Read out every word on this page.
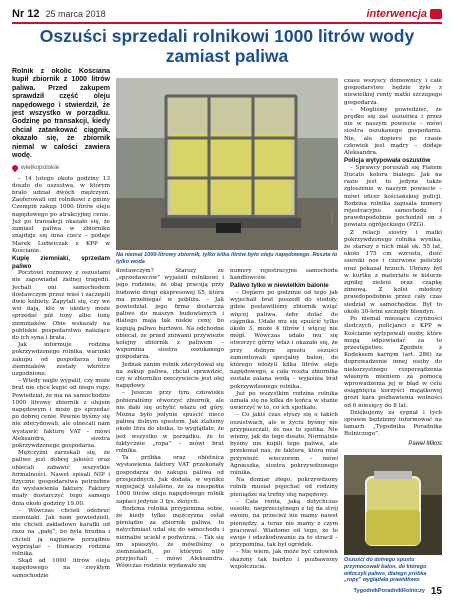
Nr 12 25 marca 2018	interwencja
Oszuści sprzedali rolnikowi 1000 litrów wody zamiast paliwa
Rolnik z okolic Kościana kupił zbiornik z 1000 litrów paliwa. Przed zakupem sprawdził część oleju napędowego i stwierdził, że jest wszystko w porządku. Godzinę po transakcji, kiedy chciał zatankować ciągnik, okazało się, że zbiornik niemal w całości zawiera wodę.
wielkopolskie

– 14 lutego około godziny 13 doszło do oszustwa, w którym brało udział dwóch mężczyzn. Zaoferowali oni rolnikowi z gminy Czempiń zakup 1000 litrów oleju napędowego po atrakcyjnej cenie. Już po transakcji okazało się, że zamiast paliwa w zbiorniku znajduje się inna ciecz – podaje Marek Ludwiczak z KPP w Kościanie.

Kupię ziemniaki, sprzedam paliwo

Pocztowi rozmowy z oszustami nie zapowiadał żadnej tragedii. Jechali oni samochodem dostawczym przez wieś i zaczepili dwie kobiety. Zapytali się, czy we wsi dają, kto w okolicy może sprzedać pół tony albo tonę ziemniaków. Obie wskazały na pobliskie gospodarstwo należące do ich syna i brata.

Jak informuje rodzina pokrzywdzonego rolnika, warunki zakupu od gospodarza tony ziemniaków zostały wkrótce uzgodnione.

– Wtedy nagle wypalił, czy może brat nie chce kupić od niego ropy. Powiedział, że ma na samochodzie 1000 litrowy zbiornik z olejem napędowym i może go sprzedać po dobrej cenie. Pewnie byśmy się nie zdecydowali, ale obiecali nam wystawić fakturę VAT – mówi Aleksandra, siostra pokrzywdzonego gospodarza.

Mężczyźni zarzekali się, że paliwo jest dobrej jakości oraz obiecali zabawić wszystkie formalności. Nawet spisali NIP i fizyczne gospodarstwa potrzebne do wystawienia faktury. Faktury miały dostarczyć tego samego dnia około godziny 19.00.

– Wówczas chcieli odebrać ziemniaki. Jak nam powiedzieli, nie chcieli zakładowo karafki od razu na „pałę”, bo była brudna i chcieli ją najpierw porządnie wyprzątać – tłumaczy rodzina rolnika.

Skąd ad 1000 litrów oleju napędowego na zwykłym samochodzie

Pixabay
Na niemal 1000-litrowy zbiornik, tylko kilka litrów było oleju napędowego. Reszta to tylko woda

dostawczym? Starszy ze „sprzedawców” wyjaśnił rolnikowi i jego rodzinie, że obaj pracują przy budowie drogi ekspresowej S5, która ma przebiegać w pobliżu. – Jak powiedział, jego firma dostarcza paliwo do maszyn budowlanych i dlatego mają tak niskie ceny, bo kupują paliwo hurtowo. Na odchodne obiecał, że przed zniwami przywiezie kolejny zbiornik z paliwem – wspomina siostra oszukanego gospodarza.

Jednak zanim rolnik zdecydował się na zakup paliwa, chciał sprawdzić, czy w zbiorniku rzeczywiście jest olej napędowy.

– Jeszcze przy tym człowieku pobieraliśmy otworzyć zbiornik, ale nie dało się uchylić włazu od góry. Można było jedynie spuścić nieco paliwa dolnym spustem. Jak zlaliśmy około litra do słoika, to wyglądało, że jest wszystko w porządku, że to faktycznie „ropa” – mówi brat rolnika.

Ta próbka oraz obietnica wystawienia faktury VAT przekonały gospodarza do zakupu paliwa od przejezdnych. Jak dodała, w wyniku negocjacji ustalono, że za niespełna 1000 litrów oleju napędowego rolnik zapłaci jedynie 3 tys. złotych.

Rodzina rolnika przypomina sobie, że kiedy tylko mężczyzna ostał pieniądze za zbiornik paliwa, to natychmiast udał się do samochodu i niemalże uciekł z podwórza. – Tak się im spieszyło, że mówiliśmy o ziemniakach, po którymi niby przyjechali – mówi Aleksandra. Wówczas rodzinie wydawało się

numery rejestracyjne samochodu handlowców.

Paliwo tylko w niewielkim balonie

– Dopiero po godzinie od tego jak wyjechali brat poszedł do stodoły, gdzie postawiliśmy zbiornik wziąć więcej paliwa, żeby dolać do ciągnika. Udało mu się spuścić tylko około 3, może 4 litrów i więcej nie mógł. Wówczas udało mu się otworzyć górny właz i okazało się, że przy dolnym spustu oszuści zamontowali specjalny balon, do którego włożyli kilka litrów oleju napędowego, a cała reszta zbiornika została zalana wodą – wyjaśnia brat pokrzywdzonego rolnika.

Już po wszystkim rodzina rolnika uznała się na kilka do końca w stanie uwierzyć w to, co ich spotkało.

– Co jakiś czas słyszy się o takich oszustwach, ale w życiu byśmy nie przypuszczali, że nas to spotka. Nie wiemy, jak do tego doszło. Normalnie byśmy nie kupili tego paliwa, ale przekonał nas, że faktura, która miał przywieźć wieczorem – mówi Agnieszka, siostra pokrzywdzonego rolnika.

Na domiar złego, pokrzywdzony rolnik musiał pojechać od rodziny pieniądze na trefny olej napędowy.

– Cała renta, jaką dotychczas oszołło, nieprzeciętnego z tej na strój swoim, na przecież nie mamy nawet pieniędzy, a teraz nie mamy z czym pracować. Wiadomo od tego, że to swoje i odszkodowanie za to stracił – przypomina, tak był ogródek.

– Nie wiem, jak może być człowiek skażony tak bardzo i pozbawiony współczucia.

czasu wszyscy domownicy i całe gospodarstwo będzie żyło z niewielkiej renty matki szczupego gospodarza.

– Mogliśmy powiedzieć, że prędko się zaś oszustwa i przez nie w naszym powiecie – mówi siostra oszukanego gospodarza. Nie, ale dopiero po czasie człowiek jest mądry – dodaje Aleksandra.

Policja wytypowała oszustów

– Sprawcy poruszali się Fiatem Ducato koloru białego. Jak na razie jest to jedyne także zgłoszenie w naszym powiecie – mówi oficer kościańskiej policji. Rodzina rolnika zapisała numery rejestracyjne samochodu i prawdopodobnie pochodził on z powiatu ogrójeckiego (PZG).

Z relacji siostry i matki pokrzywdzonego rolnika wynika, że starszy z nich miał ok. 55 lat, około 175 cm wzrostu, dość szeroki nos i czerwone policzki oraz pokazał brzuch. Ubrany był w kurtkę z materiału w kolorze zgniłej zieleni oraz czapkę zimową. Z kolei młodszy prawdopodobnie przez cały czas siedział w samochodzie. Był to około 30-letni szczupły blondyn.

Po niemal miesiącu czynności śledczych, policjanci z KPP w Kościanie wytypowali osoby, które mogą odpowiadać za to przestępstwo. Zgodnie z Kodeksem karnym (art. 286) za doprowadzenie innej osoby do niekorzystnego rozporządzenia własnym mieniem za pomocą wprowadzenia jej w błąd w celu osiągnięcia korzyści majątkowej grozi kara pozbawienia wolności od 6 miesięcy do 8 lat.

Dziękujemy za sygnał i tych sprawie będziemy informować na łamach „Tygodnika Poradnika Rolniczego”.

Paweł Mikos
Oszuści do dolnego spustu przymocowali balon, do którego wtłoczyli paliwo, dlatego próbka „ropy” wyglądała prawidłowo
TygodnikPoradnikRolniczy 15
